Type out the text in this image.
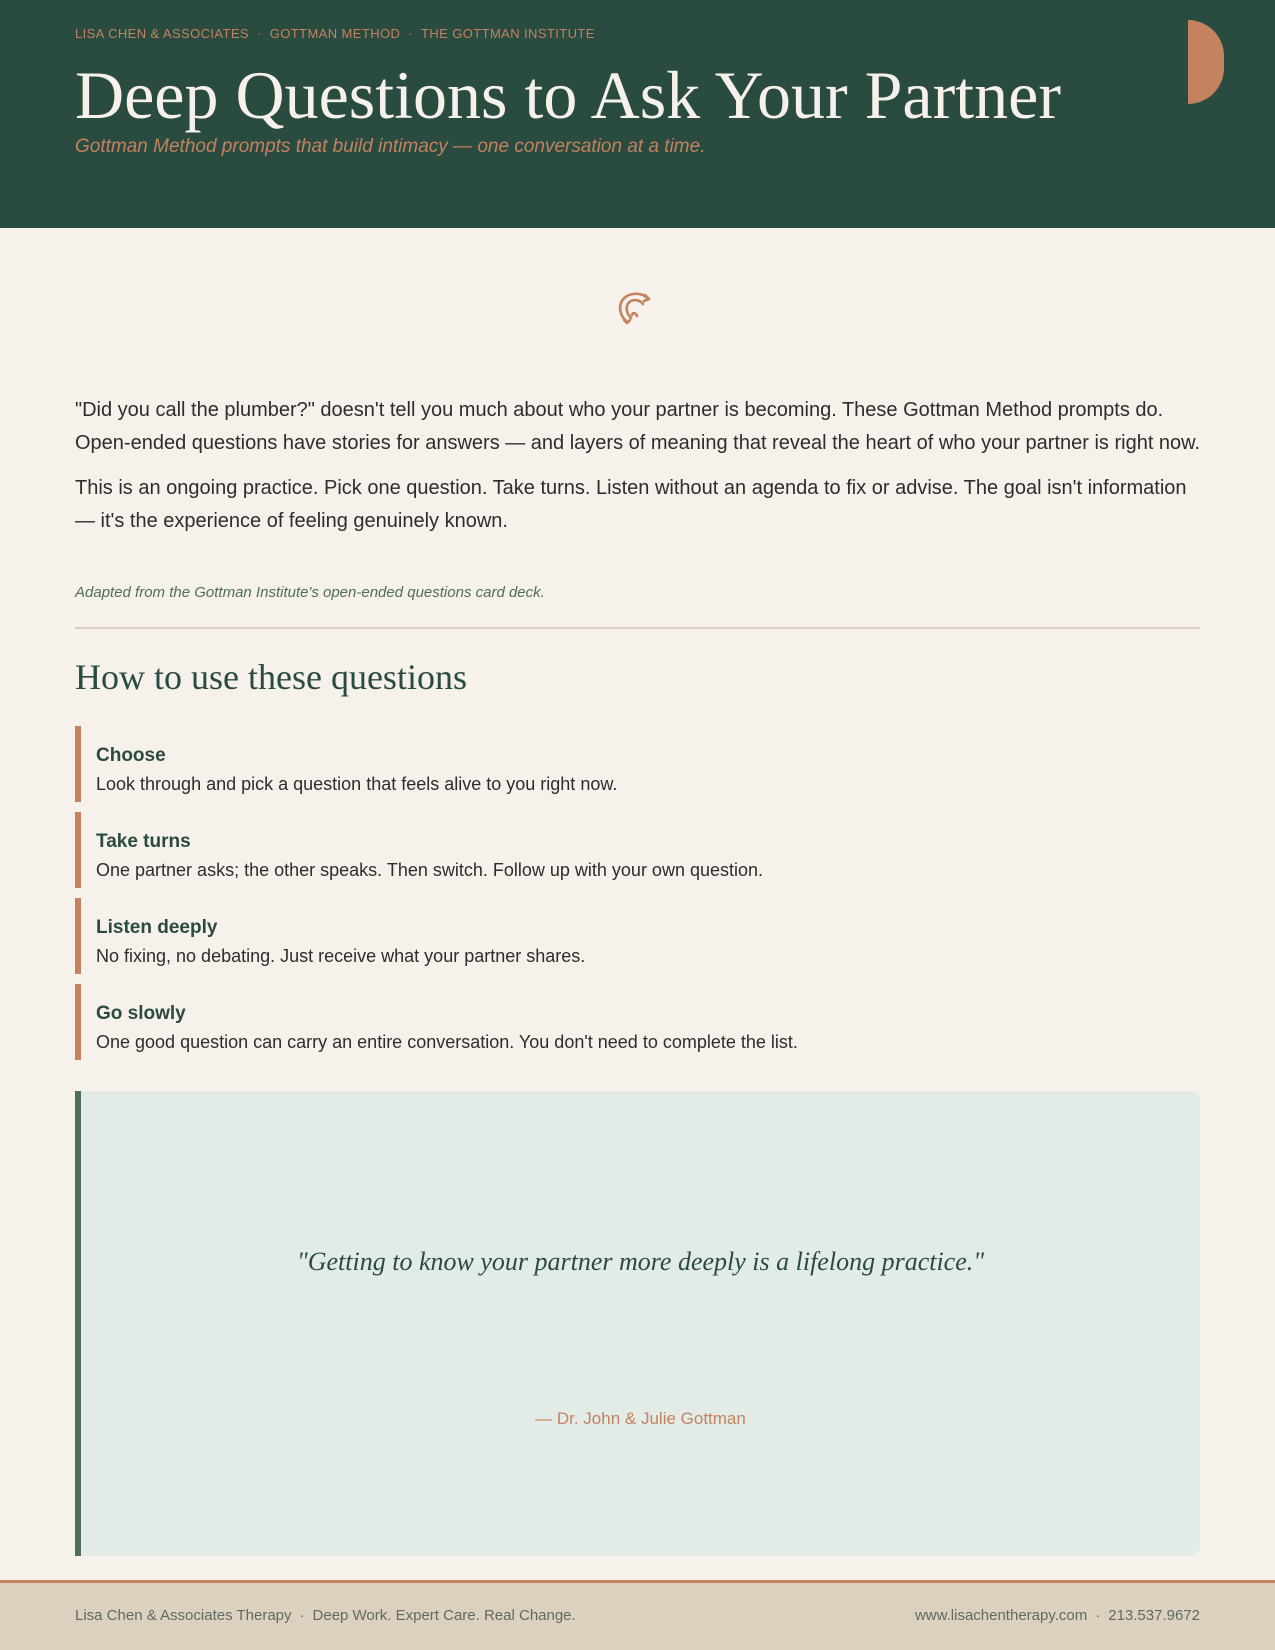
LISA CHEN & ASSOCIATES · GOTTMAN METHOD · THE GOTTMAN INSTITUTE
Deep Questions to Ask Your Partner
Gottman Method prompts that build intimacy — one conversation at a time.

"Did you call the plumber?" doesn't tell you much about who your partner is becoming. These Gottman Method prompts do. Open-ended questions have stories for answers — and layers of meaning that reveal the heart of who your partner is right now.

This is an ongoing practice. Pick one question. Take turns. Listen without an agenda to fix or advise. The goal isn't information — it's the experience of feeling genuinely known.

Adapted from the Gottman Institute's open-ended questions card deck.
How to use these questions
Choose
Look through and pick a question that feels alive to you right now.
Take turns
One partner asks; the other speaks. Then switch. Follow up with your own question.
Listen deeply
No fixing, no debating. Just receive what your partner shares.
Go slowly
One good question can carry an entire conversation. You don't need to complete the list.
"Getting to know your partner more deeply is a lifelong practice."
— Dr. John & Julie Gottman
Lisa Chen & Associates Therapy · Deep Work. Expert Care. Real Change.	www.lisachentherapy.com · 213.537.9672
